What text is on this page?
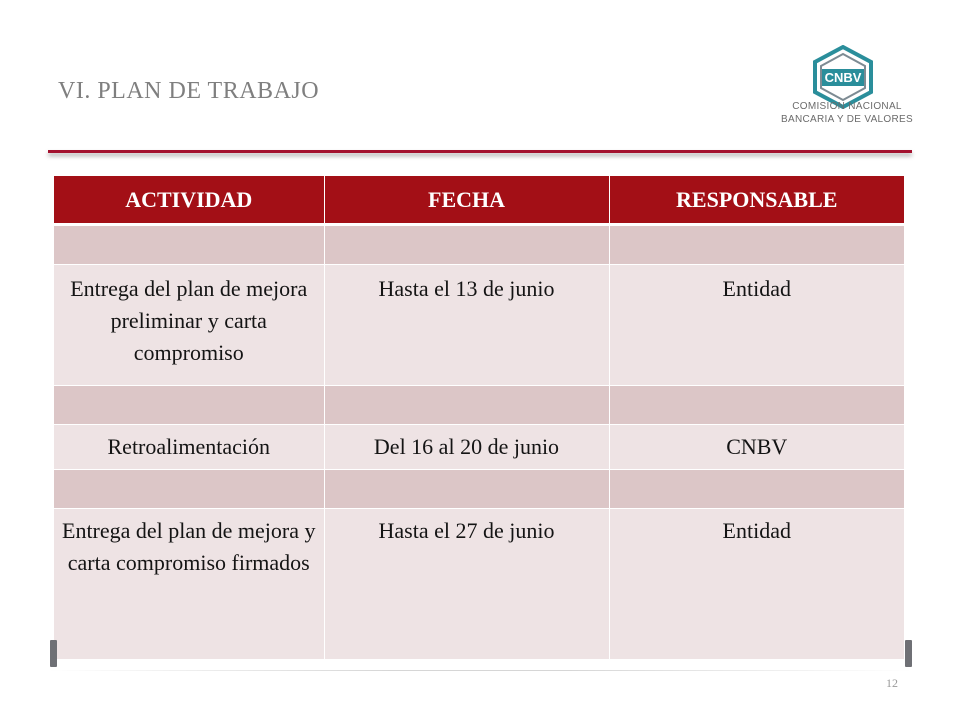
VI. PLAN DE TRABAJO
CNBV
COMISION NACIONAL
BANCARIA Y DE VALORES
ACTIVIDAD	FECHA	RESPONSABLE

Entrega del plan de mejora preliminar y carta compromiso	Hasta el 13 de junio	Entidad

Retroalimentación	Del 16 al 20 de junio	CNBV

Entrega del plan de mejora y carta compromiso firmados	Hasta el 27 de junio	Entidad
12
